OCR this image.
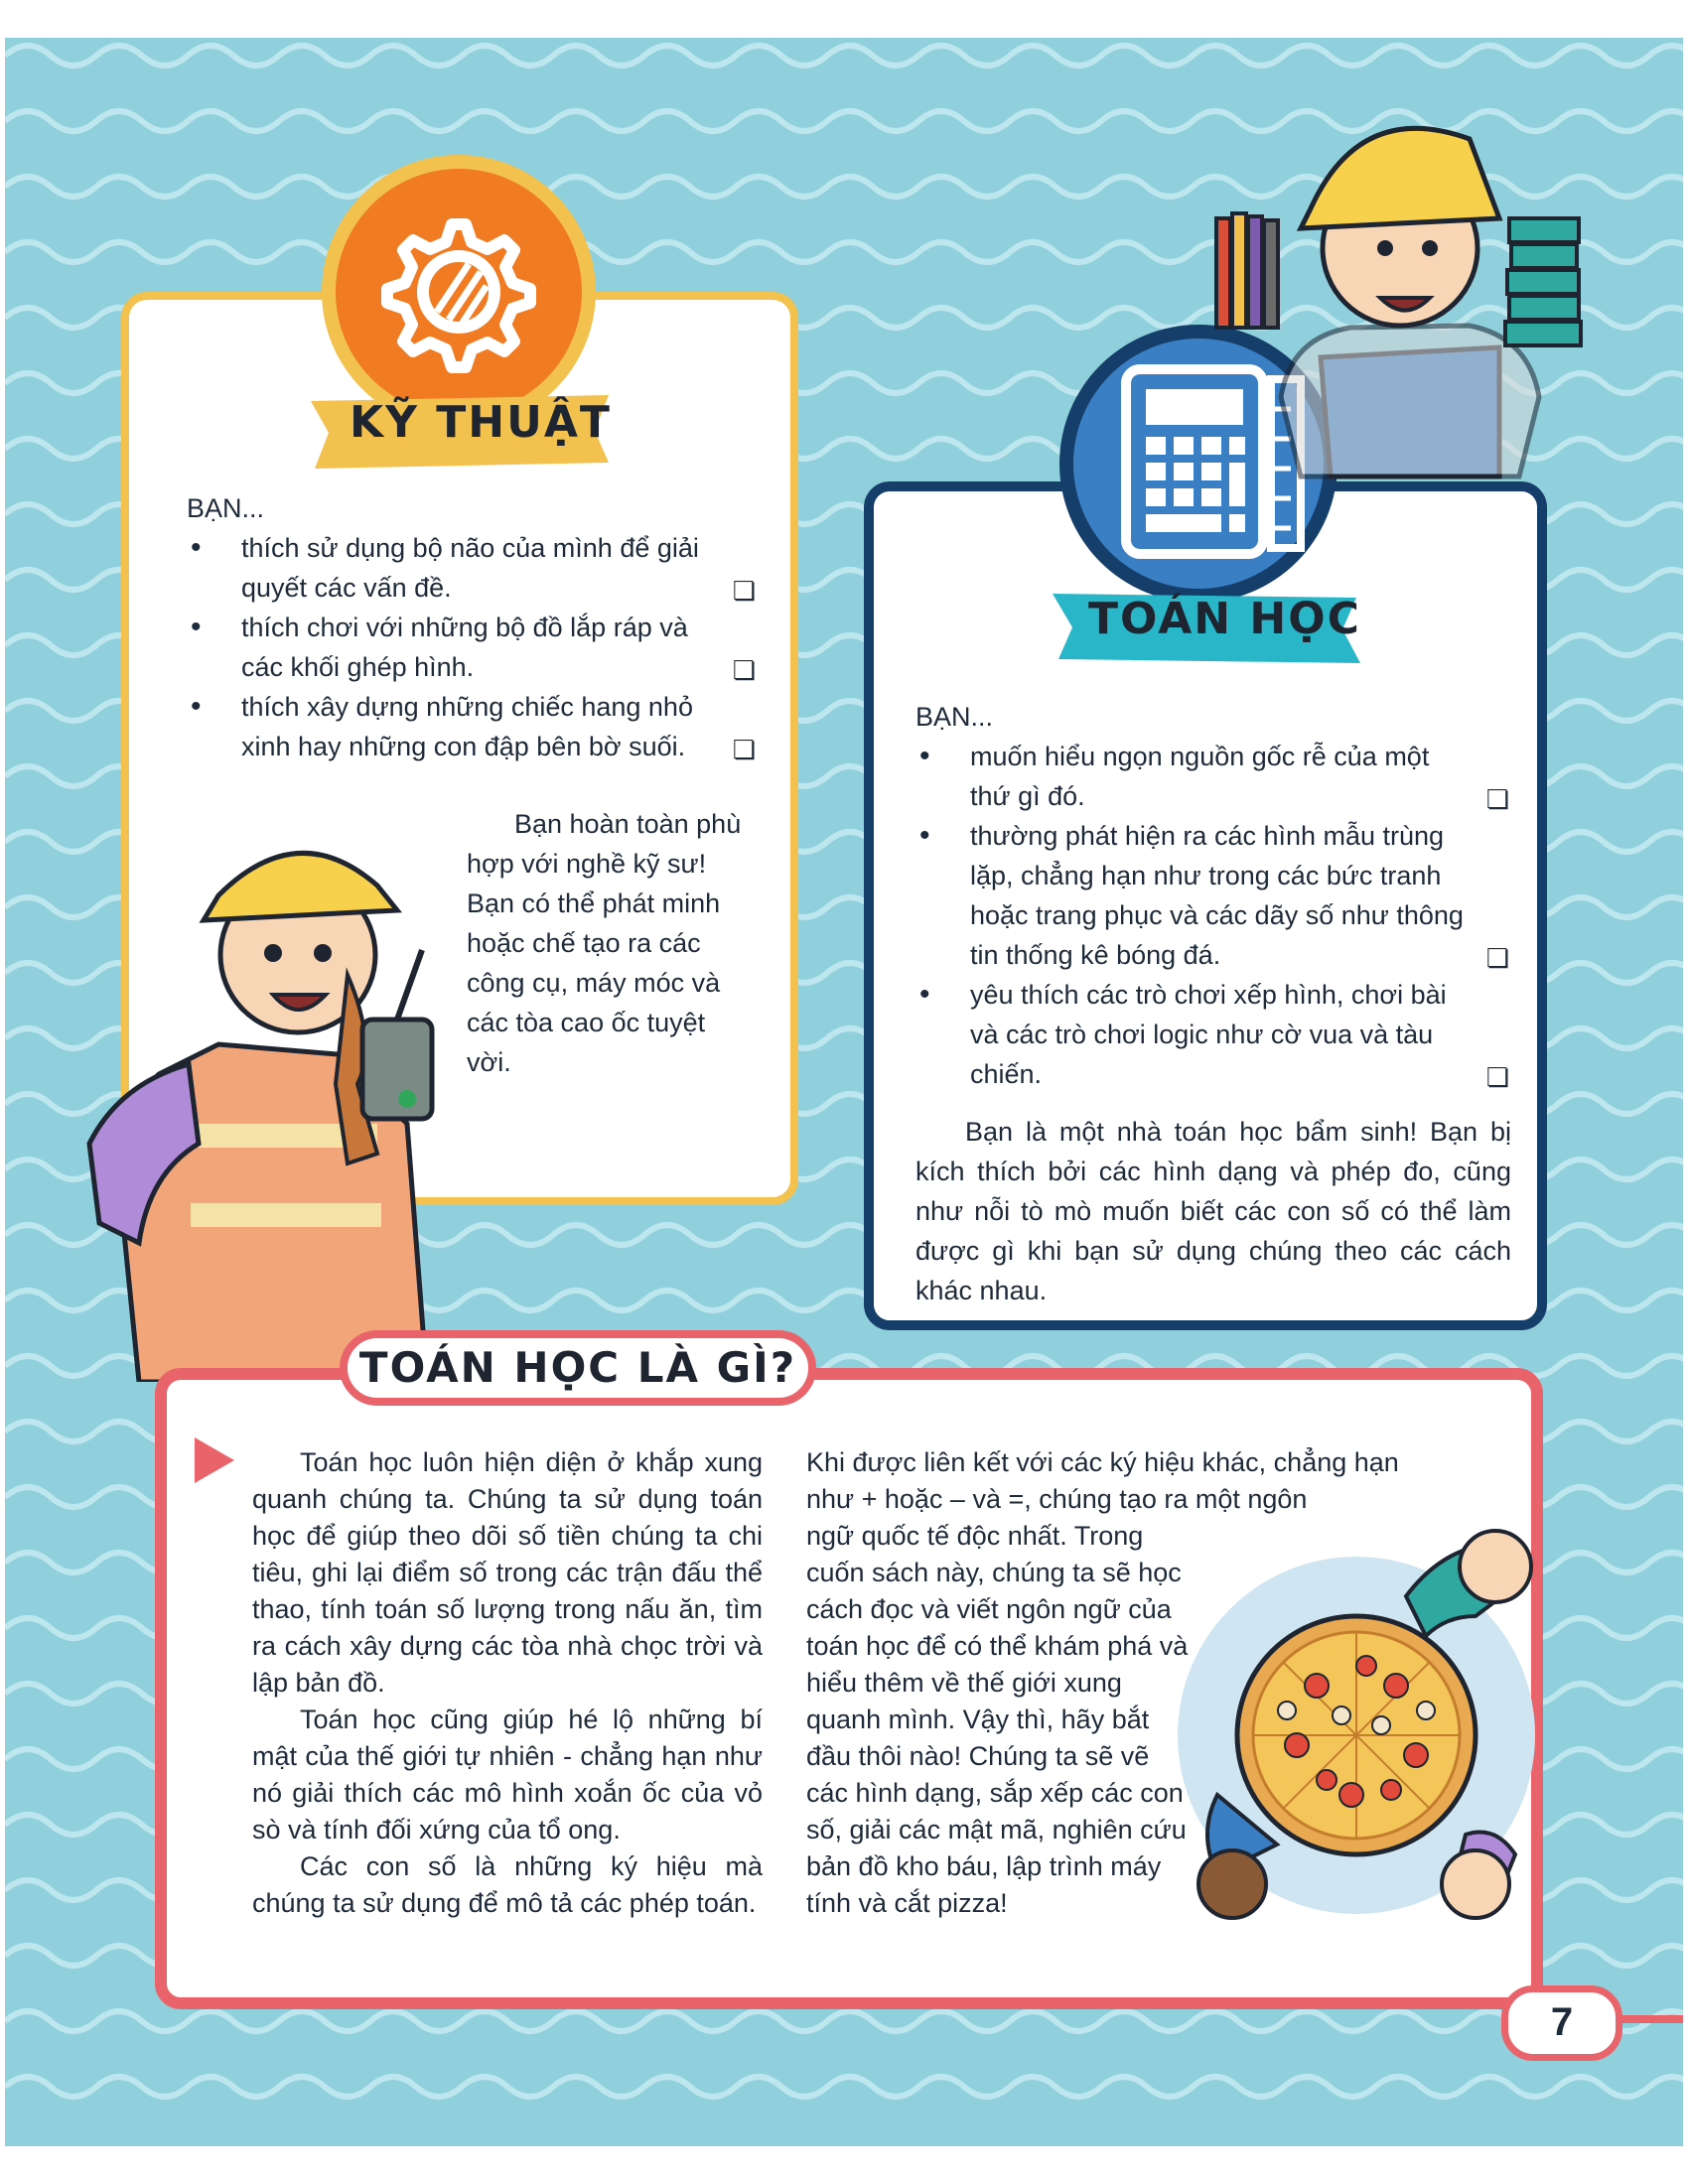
KỸ THUẬT
BẠN...
• thích sử dụng bộ não của mình để giải quyết các vấn đề.	❏
• thích chơi với những bộ đồ lắp ráp và các khối ghép hình.	❏
• thích xây dựng những chiếc hang nhỏ xinh hay những con đập bên bờ suối. ❏

Bạn hoàn toàn phù hợp với nghề kỹ sư! Bạn có thể phát minh hoặc chế tạo ra các công cụ, máy móc và các tòa cao ốc tuyệt vời.

TOÁN HỌC
BẠN...
• muốn hiểu ngọn nguồn gốc rễ của một thứ gì đó.	❏
• thường phát hiện ra các hình mẫu trùng lặp, chẳng hạn như trong các bức tranh hoặc trang phục và các dãy số như thông tin thống kê bóng đá.	❏
• yêu thích các trò chơi xếp hình, chơi bài và các trò chơi logic như cờ vua và tàu chiến.	❏

Bạn là một nhà toán học bẩm sinh! Bạn bị kích thích bởi các hình dạng và phép đo, cũng như nỗi tò mò muốn biết các con số có thể làm được gì khi bạn sử dụng chúng theo các cách khác nhau.

TOÁN HỌC LÀ GÌ?

Toán học luôn hiện diện ở khắp xung quanh chúng ta. Chúng ta sử dụng toán học để giúp theo dõi số tiền chúng ta chi tiêu, ghi lại điểm số trong các trận đấu thể thao, tính toán số lượng trong nấu ăn, tìm ra cách xây dựng các tòa nhà chọc trời và lập bản đồ.

Toán học cũng giúp hé lộ những bí mật của thế giới tự nhiên - chẳng hạn như nó giải thích các mô hình xoắn ốc của vỏ sò và tính đối xứng của tổ ong.

Các con số là những ký hiệu mà chúng ta sử dụng để mô tả các phép toán.

Khi được liên kết với các ký hiệu khác, chẳng hạn
như + hoặc – và =, chúng tạo ra một ngôn
ngữ quốc tế độc nhất. Trong cuốn sách này, chúng ta sẽ học cách đọc và viết ngôn ngữ của toán học để có thể khám phá và hiểu thêm về thế giới xung quanh mình. Vậy thì, hãy bắt đầu thôi nào! Chúng ta sẽ vẽ các hình dạng, sắp xếp các con số, giải các mật mã, nghiên cứu bản đồ kho báu, lập trình máy tính và cắt pizza!
7
